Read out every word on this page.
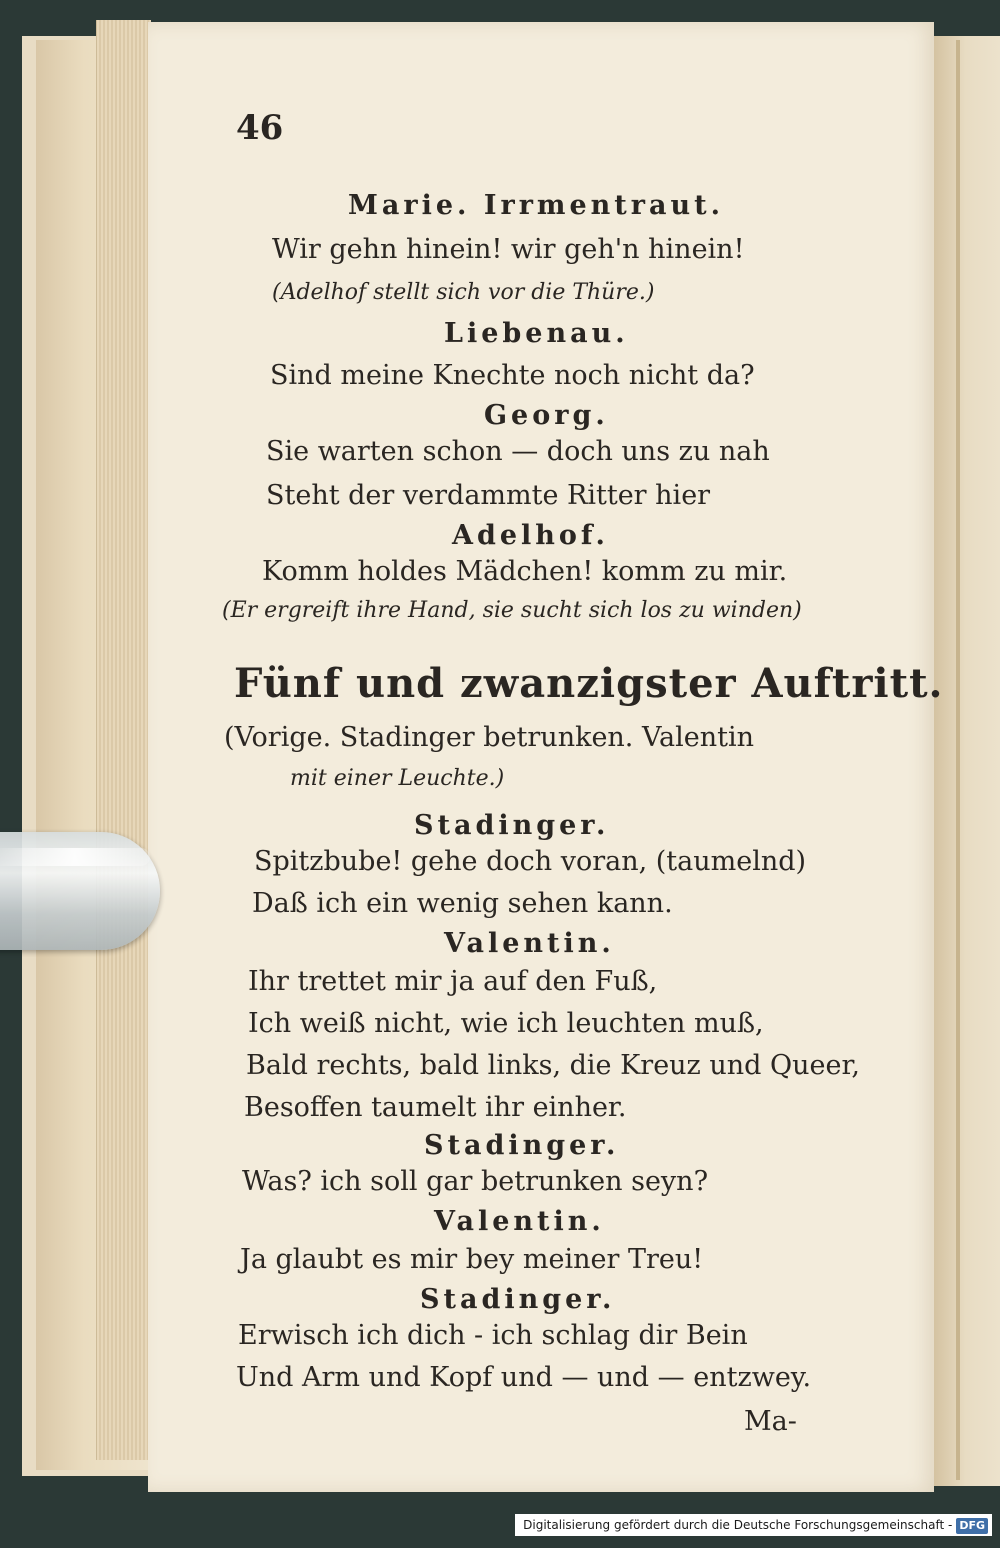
46
Marie. Irrmentraut.
Wir gehn hinein! wir geh'n hinein!
(Adelhof stellt sich vor die Thüre.)
Liebenau.
Sind meine Knechte noch nicht da?
Georg.
Sie warten schon — doch uns zu nah
Steht der verdammte Ritter hier
Adelhof.
Komm holdes Mädchen! komm zu mir.
(Er ergreift ihre Hand, sie sucht sich los zu winden)
Fünf und zwanzigster Auftritt.
(Vorige. Stadinger betrunken. Valentin
mit einer Leuchte.)
Stadinger.
Spitzbube! gehe doch voran, (taumelnd)
Daß ich ein wenig sehen kann.
Valentin.
Ihr trettet mir ja auf den Fuß,
Ich weiß nicht, wie ich leuchten muß,
Bald rechts, bald links, die Kreuz und Queer,
Besoffen taumelt ihr einher.
Stadinger.
Was? ich soll gar betrunken seyn?
Valentin.
Ja glaubt es mir bey meiner Treu!
Stadinger.
Erwisch ich dich - ich schlag dir Bein
Und Arm und Kopf und — und — entzwey.
Ma-
Digitalisierung gefördert durch die Deutsche Forschungsgemeinschaft - DFG
